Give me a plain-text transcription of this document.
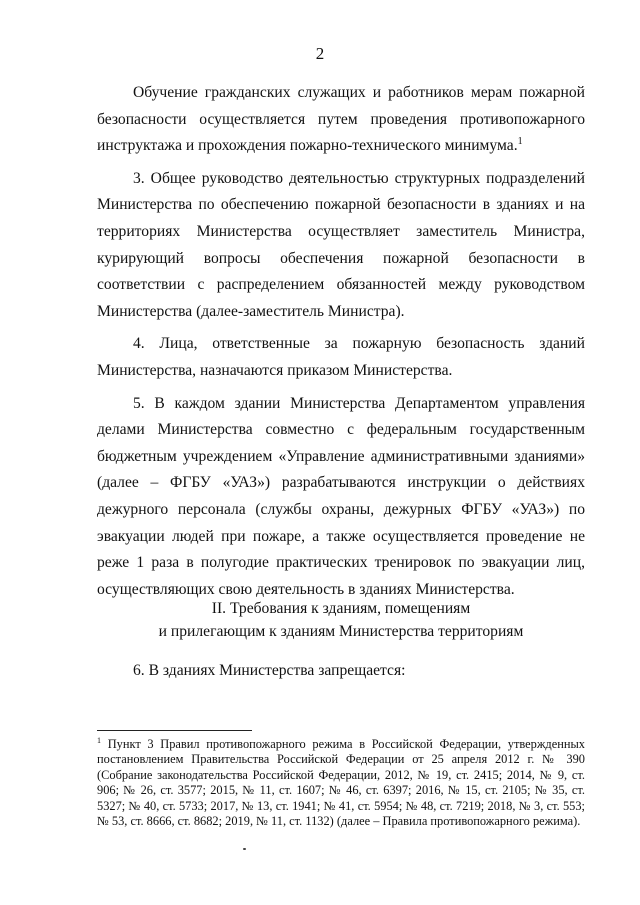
2

Обучение гражданских служащих и работников мерам пожарной безопасности осуществляется путем проведения противопожарного инструктажа и прохождения пожарно-технического минимума.$^1$

3. Общее руководство деятельностью структурных подразделений Министерства по обеспечению пожарной безопасности в зданиях и на территориях Министерства осуществляет заместитель Министра, курирующий вопросы обеспечения пожарной безопасности в соответствии с распределением обязанностей между руководством Министерства (далее-заместитель Министра).

4. Лица, ответственные за пожарную безопасность зданий Министерства, назначаются приказом Министерства.

5. В каждом здании Министерства Департаментом управления делами Министерства совместно с федеральным государственным бюджетным учреждением «Управление административными зданиями» (далее – ФГБУ «УАЗ») разрабатываются инструкции о действиях дежурного персонала (службы охраны, дежурных ФГБУ «УАЗ») по эвакуации людей при пожаре, а также осуществляется проведение не реже 1 раза в полугодие практических тренировок по эвакуации лиц, осуществляющих свою деятельность в зданиях Министерства.

II. Требования к зданиям, помещениям
и прилегающим к зданиям Министерства территориям
6. В зданиях Министерства запрещается:
$^1$ Пункт 3 Правил противопожарного режима в Российской Федерации, утвержденных постановлением Правительства Российской Федерации от 25 апреля 2012 г. № 390 (Собрание законодательства Российской Федерации, 2012, № 19, ст. 2415; 2014, № 9, ст. 906; № 26, ст. 3577; 2015, № 11, ст. 1607; № 46, ст. 6397; 2016, № 15, ст. 2105; № 35, ст. 5327; № 40, ст. 5733; 2017, № 13, ст. 1941; № 41, ст. 5954; № 48, ст. 7219; 2018, № 3, ст. 553; № 53, ст. 8666, ст. 8682; 2019, № 11, ст. 1132) (далее – Правила противопожарного режима).
